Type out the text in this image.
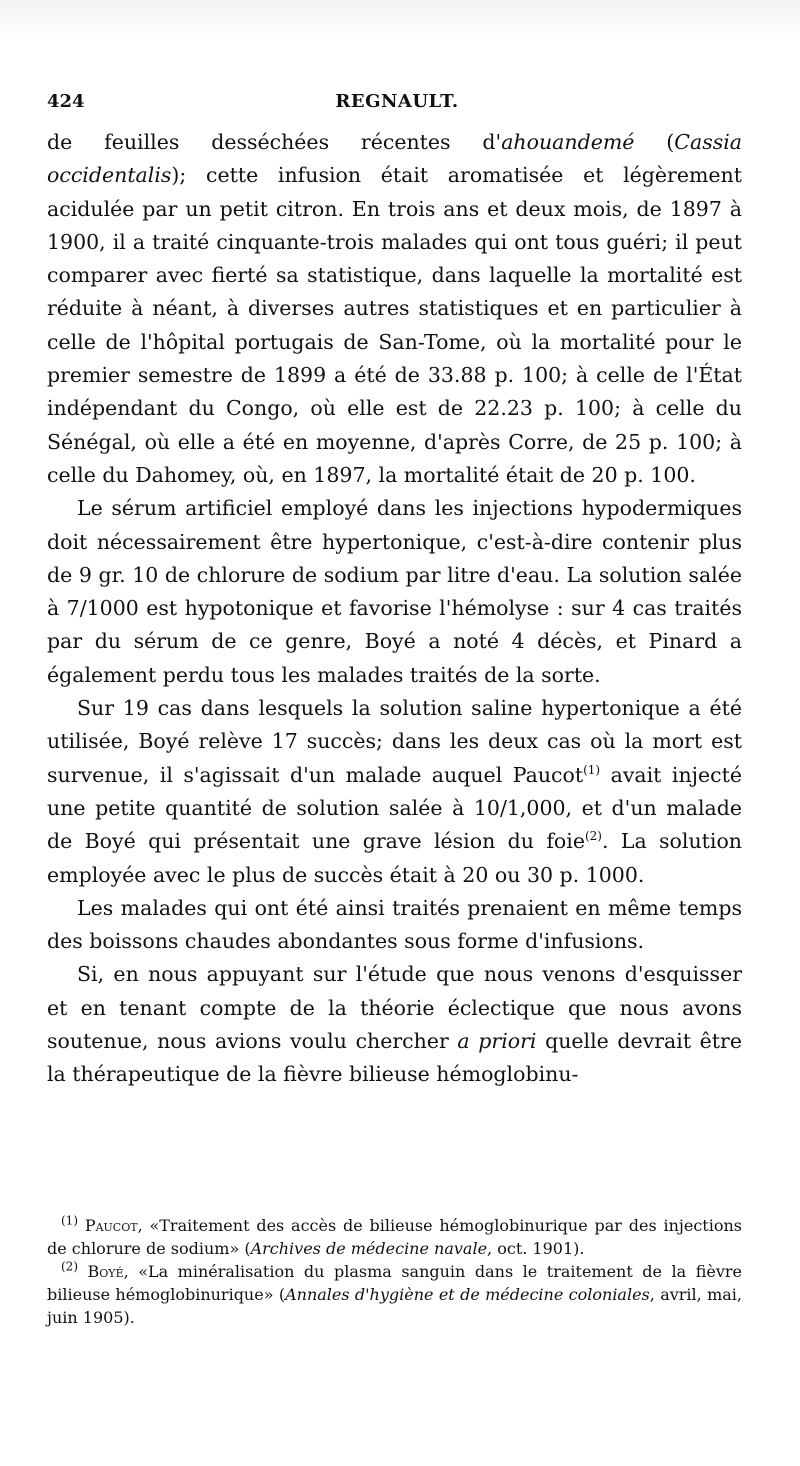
424	REGNAULT.

de feuilles desséchées récentes d'ahouandemé (Cassia occidentalis); cette infusion était aromatisée et légèrement acidulée par un petit citron. En trois ans et deux mois, de 1897 à 1900, il a traité cinquante-trois malades qui ont tous guéri; il peut comparer avec fierté sa statistique, dans laquelle la mortalité est réduite à néant, à diverses autres statistiques et en particulier à celle de l'hôpital portugais de San-Tome, où la mortalité pour le premier semestre de 1899 a été de 33.88 p. 100; à celle de l'État indépendant du Congo, où elle est de 22.23 p. 100; à celle du Sénégal, où elle a été en moyenne, d'après Corre, de 25 p. 100; à celle du Dahomey, où, en 1897, la mortalité était de 20 p. 100.

Le sérum artificiel employé dans les injections hypodermiques doit nécessairement être hypertonique, c'est-à-dire contenir plus de 9 gr. 10 de chlorure de sodium par litre d'eau. La solution salée à 7/1000 est hypotonique et favorise l'hémolyse : sur 4 cas traités par du sérum de ce genre, Boyé a noté 4 décès, et Pinard a également perdu tous les malades traités de la sorte.

Sur 19 cas dans lesquels la solution saline hypertonique a été utilisée, Boyé relève 17 succès; dans les deux cas où la mort est survenue, il s'agissait d'un malade auquel Paucot$^{(1)}$ avait injecté une petite quantité de solution salée à 10/1,000, et d'un malade de Boyé qui présentait une grave lésion du foie$^{(2)}$. La solution employée avec le plus de succès était à 20 ou 30 p. 1000.

Les malades qui ont été ainsi traités prenaient en même temps des boissons chaudes abondantes sous forme d'infusions.

Si, en nous appuyant sur l'étude que nous venons d'esquisser et en tenant compte de la théorie éclectique que nous avons soutenue, nous avions voulu chercher a priori quelle devrait être la thérapeutique de la fièvre bilieuse hémoglobinu-

$^{(1)}$ Paucot, «Traitement des accès de bilieuse hémoglobinurique par des injections de chlorure de sodium» (Archives de médecine navale, oct. 1901).

$^{(2)}$ Boyé, «La minéralisation du plasma sanguin dans le traitement de la fièvre bilieuse hémoglobinurique» (Annales d'hygiène et de médecine coloniales, avril, mai, juin 1905).
